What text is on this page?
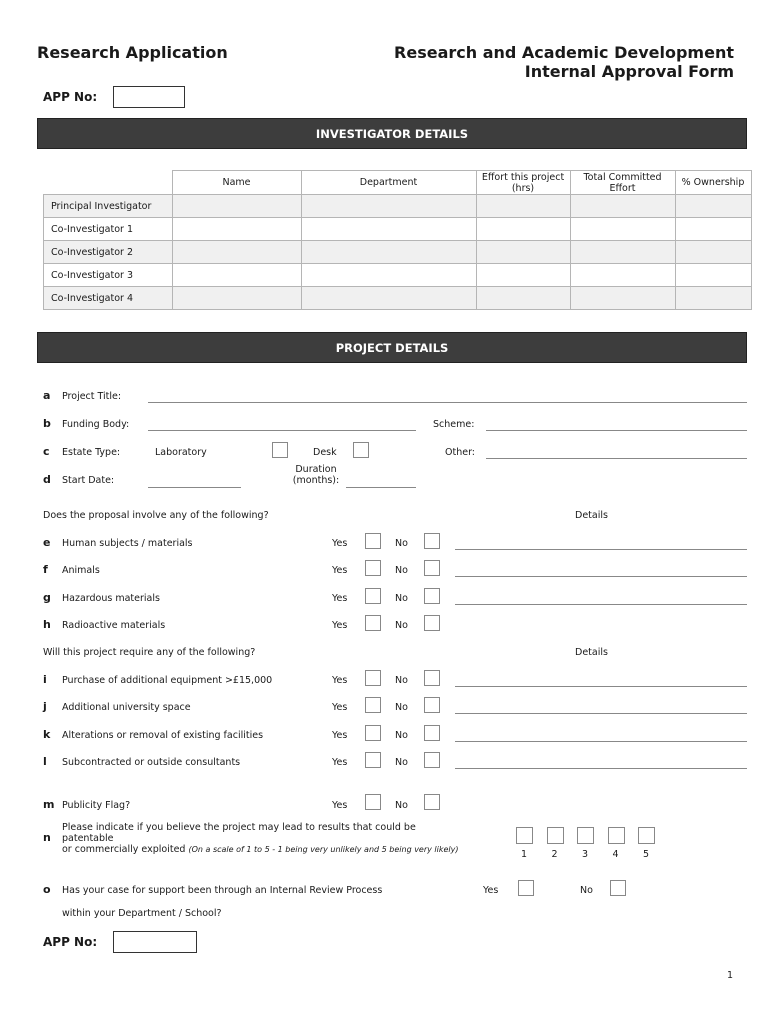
Research Application	Research and Academic Development
Internal Approval Form
APP No:
INVESTIGATOR DETAILS
	Name	Department	Effort this project (hrs)	Total Committed Effort	% Ownership
Principal Investigator					
Co-Investigator 1					
Co-Investigator 2					
Co-Investigator 3					
Co-Investigator 4					
PROJECT DETAILS
a Project Title:
b Funding Body:	Scheme:
c Estate Type:	Laboratory	Desk	Other:
d Start Date:
Duration
(months):
Does the proposal involve any of the following?	Details
e Human subjects / materials	Yes	No
f Animals	Yes	No
g Hazardous materials	Yes	No
h Radioactive materials	Yes	No
Will this project require any of the following?	Details
i Purchase of additional equipment >£15,000	Yes	No
j Additional university space	Yes	No
k Alterations or removal of existing facilities	Yes	No
l Subcontracted or outside consultants	Yes	No
m Publicity Flag?	Yes	No
n
Please indicate if you believe the project may lead to results that could be
patentable
or commercially exploited (On a scale of 1 to 5 - 1 being very unlikely and 5 being very likely)	1	2	3	4	5
o Has your case for support been through an Internal Review Process	Yes	No
within your Department / School?
APP No:
1
